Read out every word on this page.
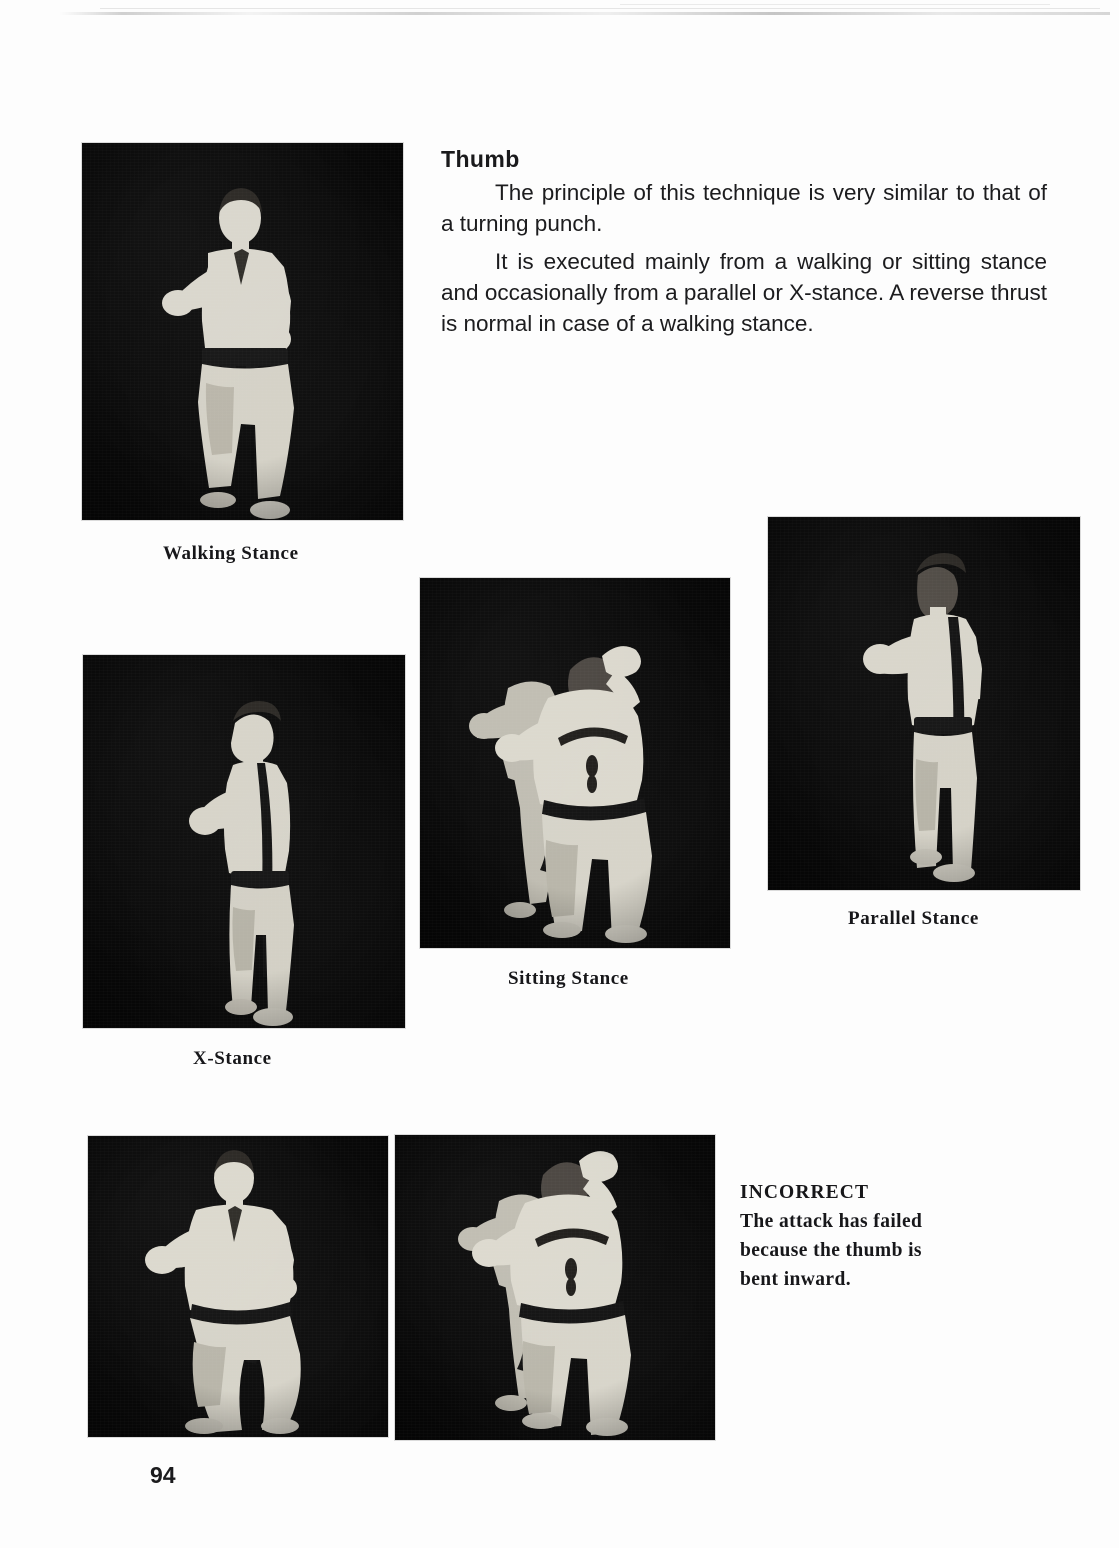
Walking Stance
X-Stance
Sitting Stance
Parallel Stance
Thumb

The principle of this technique is very similar to that of a turning punch.

It is executed mainly from a walking or sitting stance and occasionally from a parallel or X-stance. A reverse thrust is normal in case of a walking stance.

INCORRECT
The attack has failed
because the thumb is
bent inward.
94
